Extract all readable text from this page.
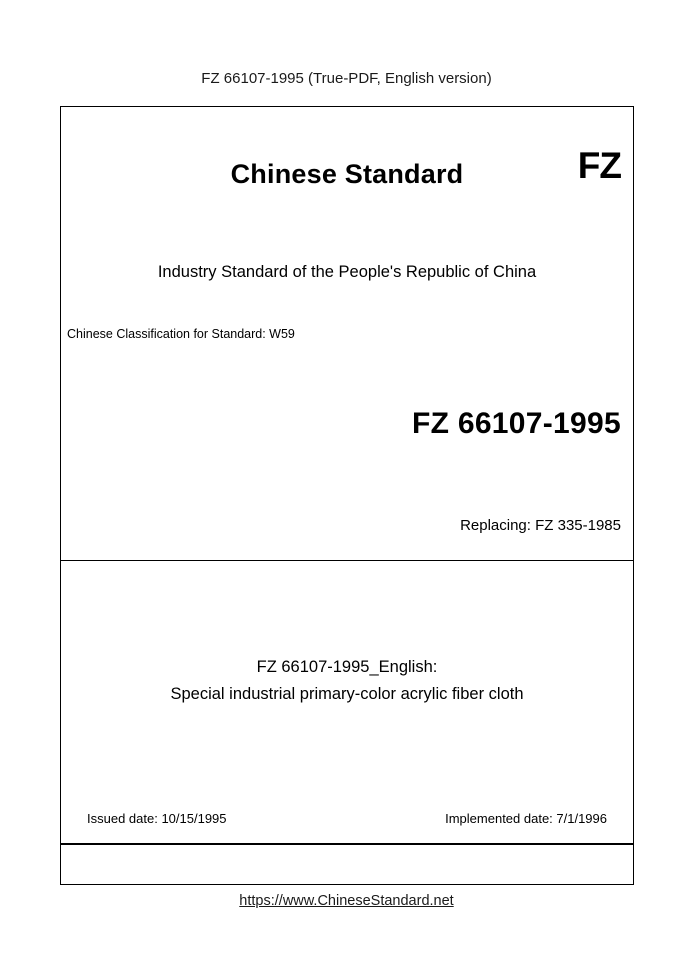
FZ 66107-1995 (True-PDF, English version)
Chinese Standard	FZ
Industry Standard of the People's Republic of China
Chinese Classification for Standard: W59
FZ 66107-1995
Replacing: FZ 335-1985
FZ 66107-1995_English:
Special industrial primary-color acrylic fiber cloth
Issued date: 10/15/1995	Implemented date: 7/1/1996
https://www.ChineseStandard.net
